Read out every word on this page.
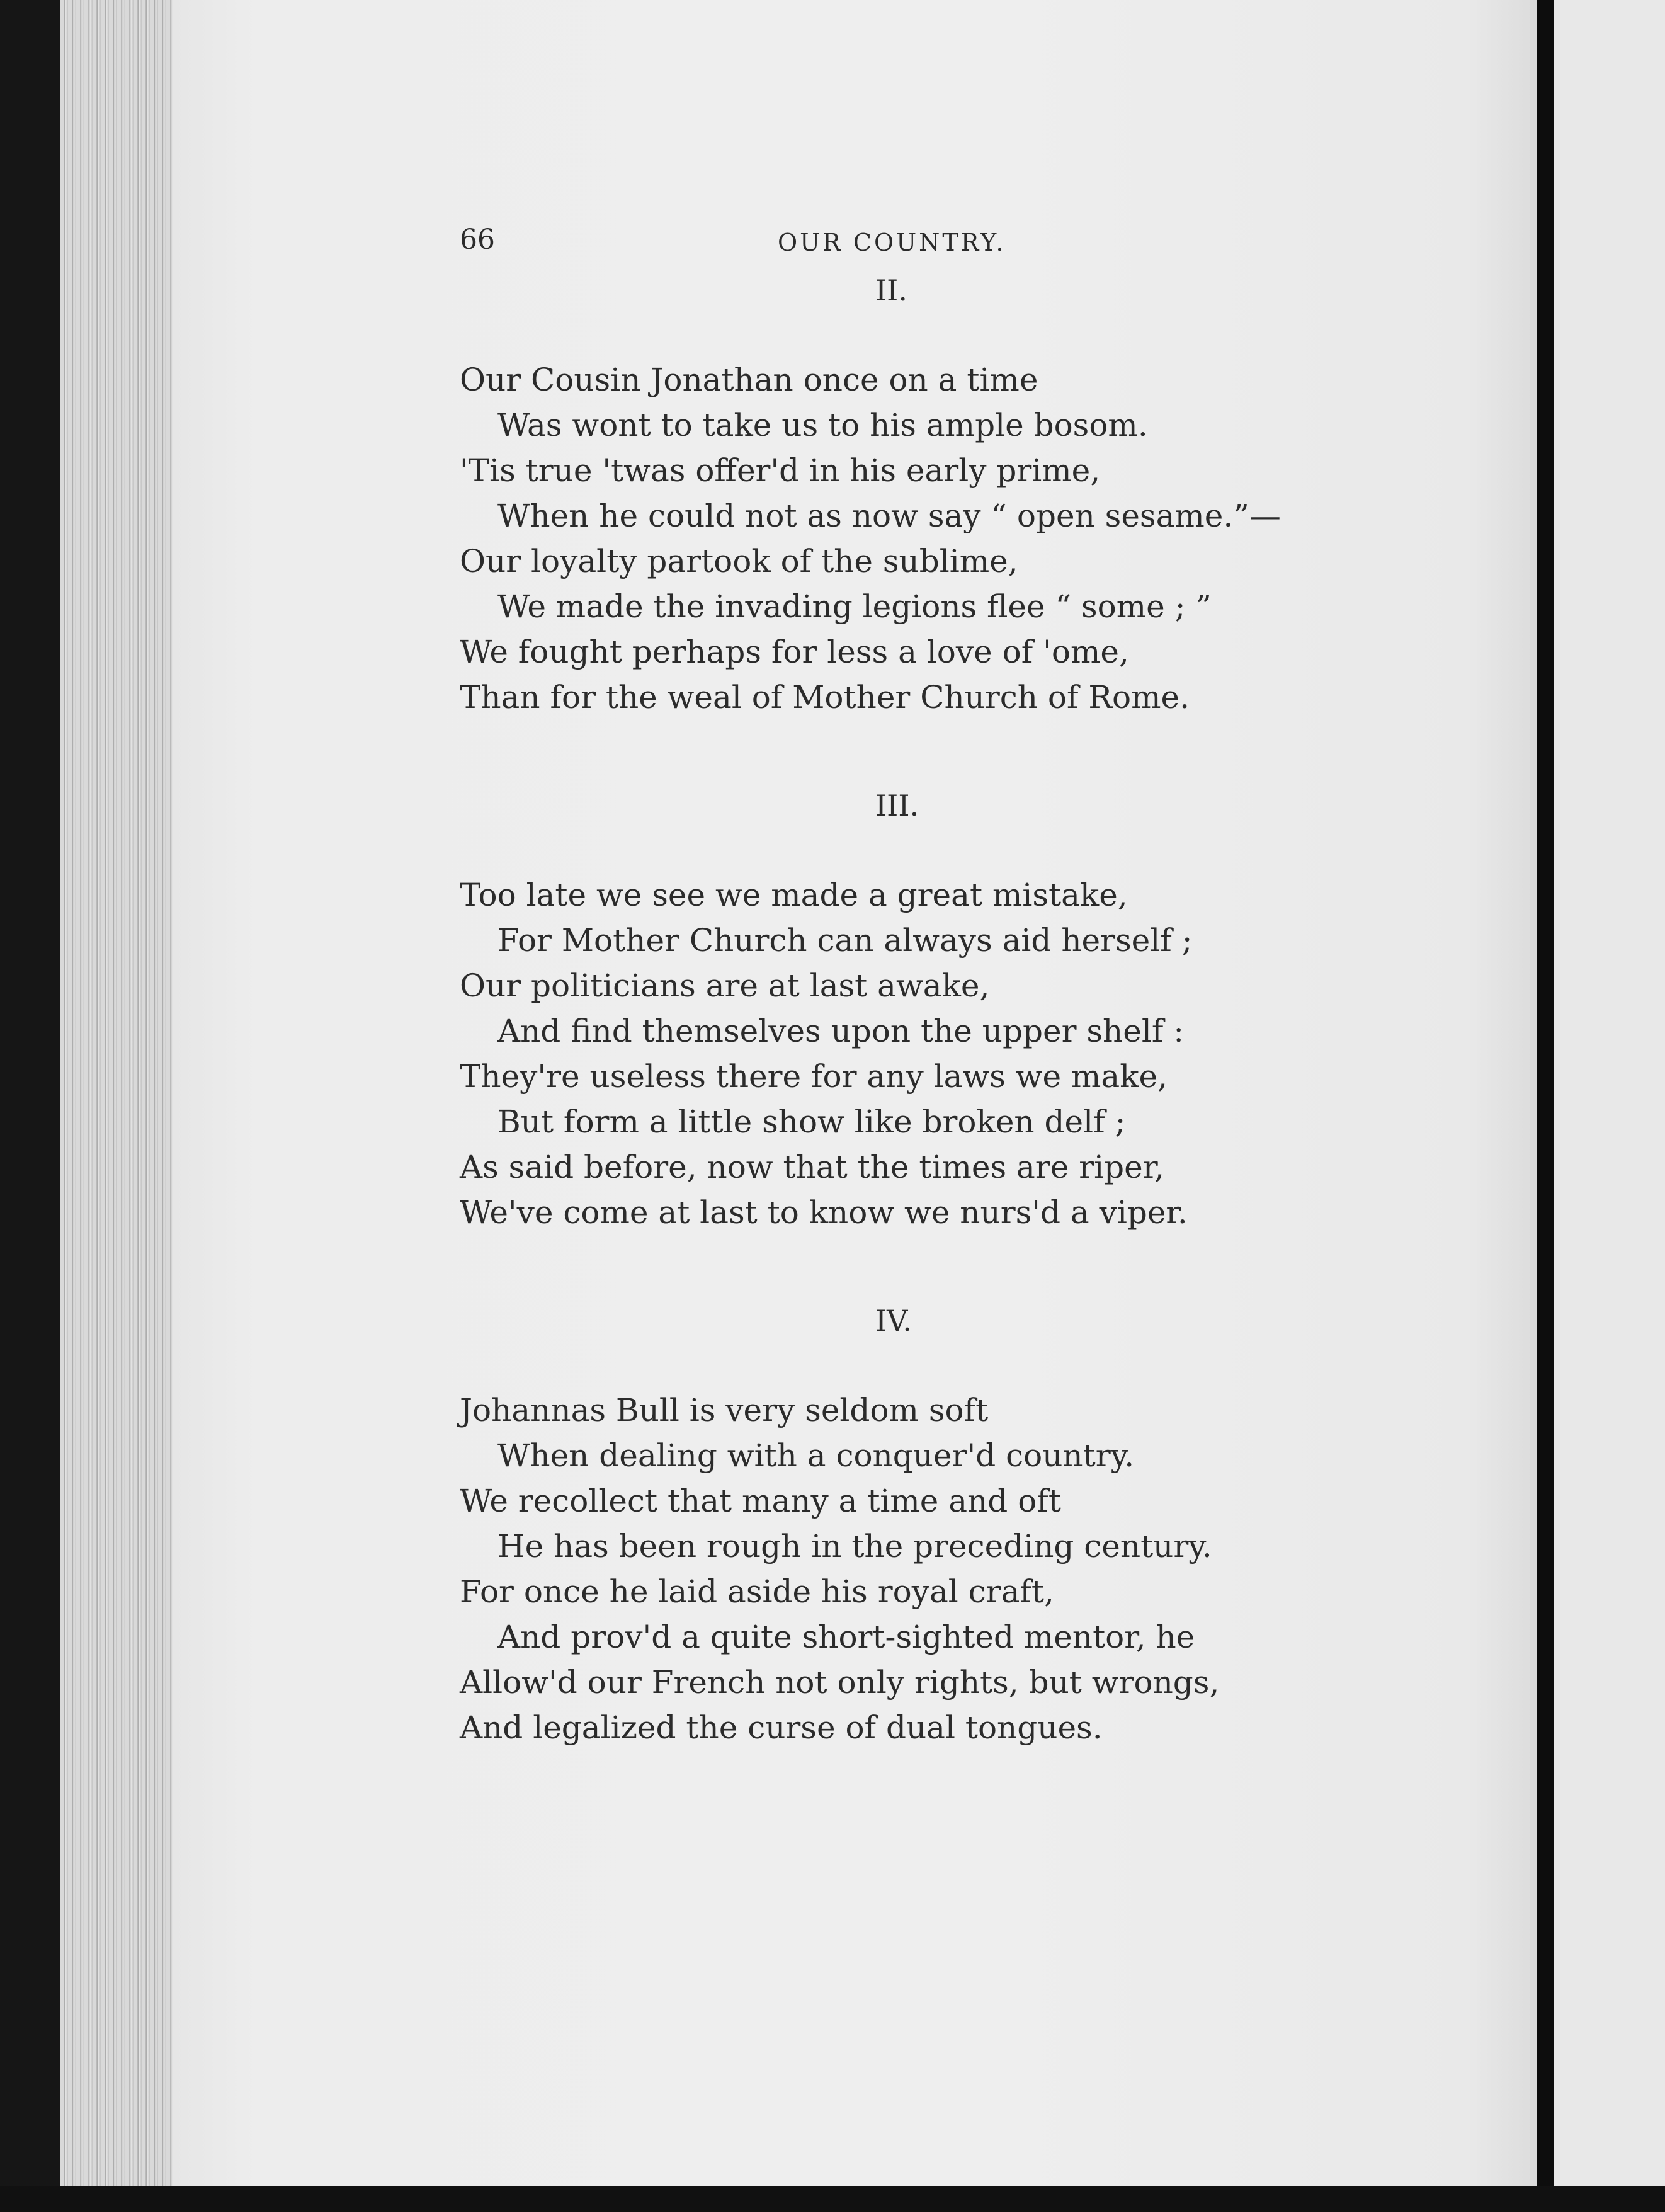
66	OUR COUNTRY.
II.
Our Cousin Jonathan once on a time
Was wont to take us to his ample bosom.
'Tis true 'twas offer'd in his early prime,
When he could not as now say “ open sesame.”—
Our loyalty partook of the sublime,
We made the invading legions flee “ some ; ”
We fought perhaps for less a love of 'ome,
Than for the weal of Mother Church of Rome.
III.
Too late we see we made a great mistake,
For Mother Church can always aid herself ;
Our politicians are at last awake,
And find themselves upon the upper shelf :
They're useless there for any laws we make,
But form a little show like broken delf ;
As said before, now that the times are riper,
We've come at last to know we nurs'd a viper.
IV.
Johannas Bull is very seldom soft
When dealing with a conquer'd country.
We recollect that many a time and oft
He has been rough in the preceding century.
For once he laid aside his royal craft,
And prov'd a quite short-sighted mentor, he
Allow'd our French not only rights, but wrongs,
And legalized the curse of dual tongues.
